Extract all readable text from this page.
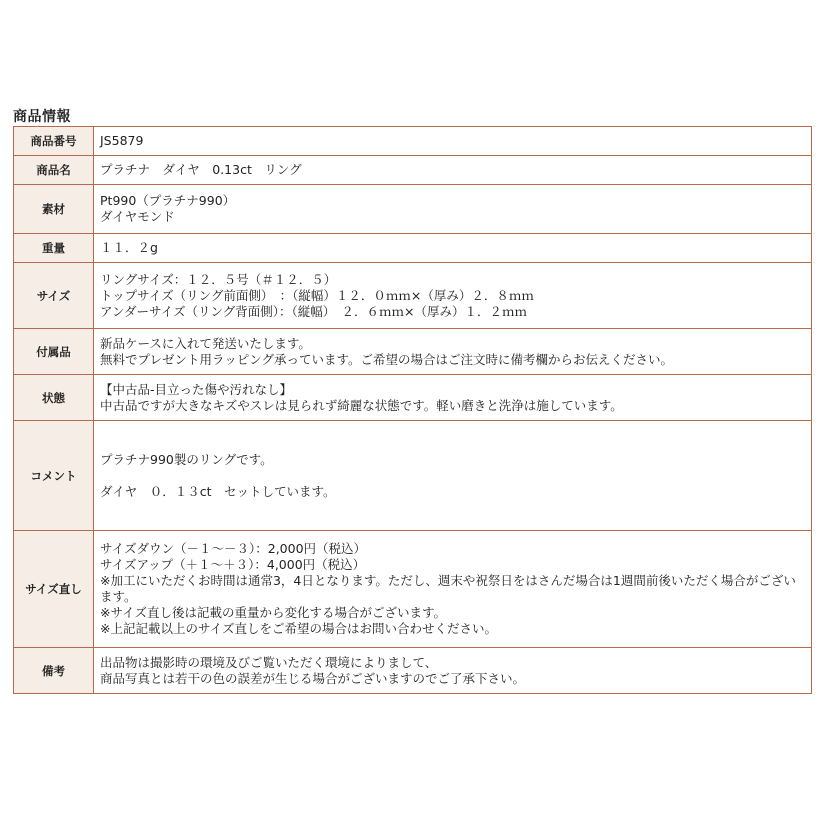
商品情報
商品番号	JS5879

商品名	プラチナ　ダイヤ　0.13ct　リング

素材	Pt990（プラチナ990）
ダイヤモンド

重量	１１．２g

サイズ	リングサイズ：１２．５号（＃１２．５）
トップサイズ（リング前面側）　：（縦幅）１２．０ｍｍ×（厚み）２．８ｍｍ
アンダーサイズ（リング背面側）：（縦幅）　２．６ｍｍ×（厚み）１．２ｍｍ

付属品	新品ケースに入れて発送いたします。
無料でプレゼント用ラッピング承っています。ご希望の場合はご注文時に備考欄からお伝えください。

状態	【中古品-目立った傷や汚れなし】
中古品ですが大きなキズやスレは見られず綺麗な状態です。軽い磨きと洗浄は施しています。

コメント	プラチナ990製のリングです。
ダイヤ　０．１３ct　セットしています。

サイズ直し	サイズダウン（－１～－３）：2,000円（税込）
サイズアップ（＋１～＋３）：4,000円（税込）
※加工にいただくお時間は通常3，4日となります。ただし、週末や祝祭日をはさんだ場合は1週間前後いただく場合がございます。
※サイズ直し後は記載の重量から変化する場合がございます。
※上記記載以上のサイズ直しをご希望の場合はお問い合わせください。

備考	出品物は撮影時の環境及びご覧いただく環境によりまして、
商品写真とは若干の色の誤差が生じる場合がございますのでご了承下さい。
